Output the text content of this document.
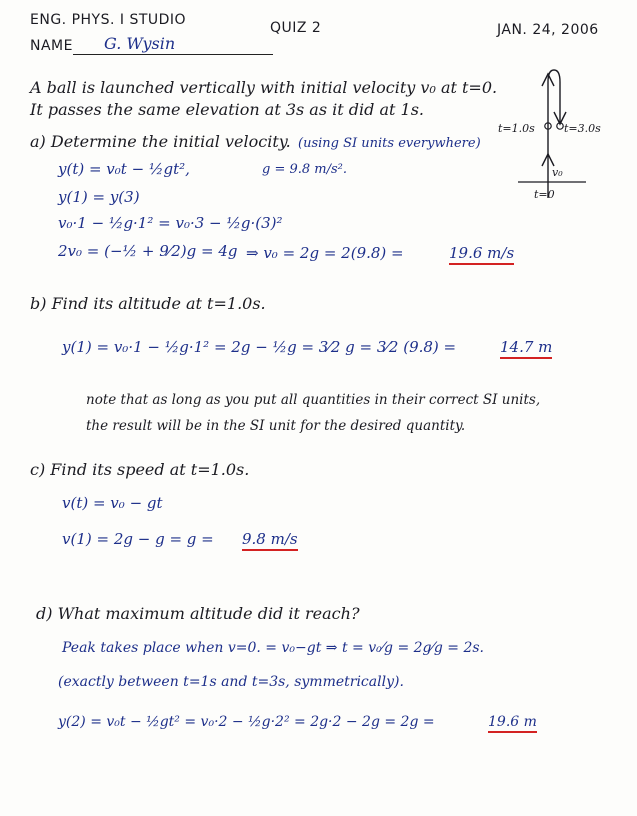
ENG. PHYS. I STUDIO	QUIZ 2	JAN. 24, 2006
NAME G. Wysin
A ball is launched vertically with initial velocity v₀ at t=0.
It passes the same elevation at 3s as it did at 1s.
t=1.0s	t=3.0s
v₀
t=0
a) Determine the initial velocity. (using SI units everywhere)
y(t) = v₀t − ½gt²,	g = 9.8 m/s².
y(1) = y(3)
v₀·1 − ½g·1² = v₀·3 − ½g·(3)²
2v₀ = (−½ + 9⁄2)g = 4g ⇒ v₀ = 2g = 2(9.8) =	19.6 m/s
b) Find its altitude at t=1.0s.
y(1) = v₀·1 − ½g·1² = 2g − ½g = 3⁄2 g = 3⁄2 (9.8) =	14.7 m
note that as long as you put all quantities in their correct SI units,
the result will be in the SI unit for the desired quantity.
c) Find its speed at t=1.0s.
v(t) = v₀ − gt
v(1) = 2g − g = g = 9.8 m/s
d) What maximum altitude did it reach?
Peak takes place when v=0. = v₀−gt ⇒ t = v₀⁄g = 2g⁄g = 2s.
(exactly between t=1s and t=3s, symmetrically).
y(2) = v₀t − ½gt² = v₀·2 − ½g·2² = 2g·2 − 2g = 2g =	19.6 m
